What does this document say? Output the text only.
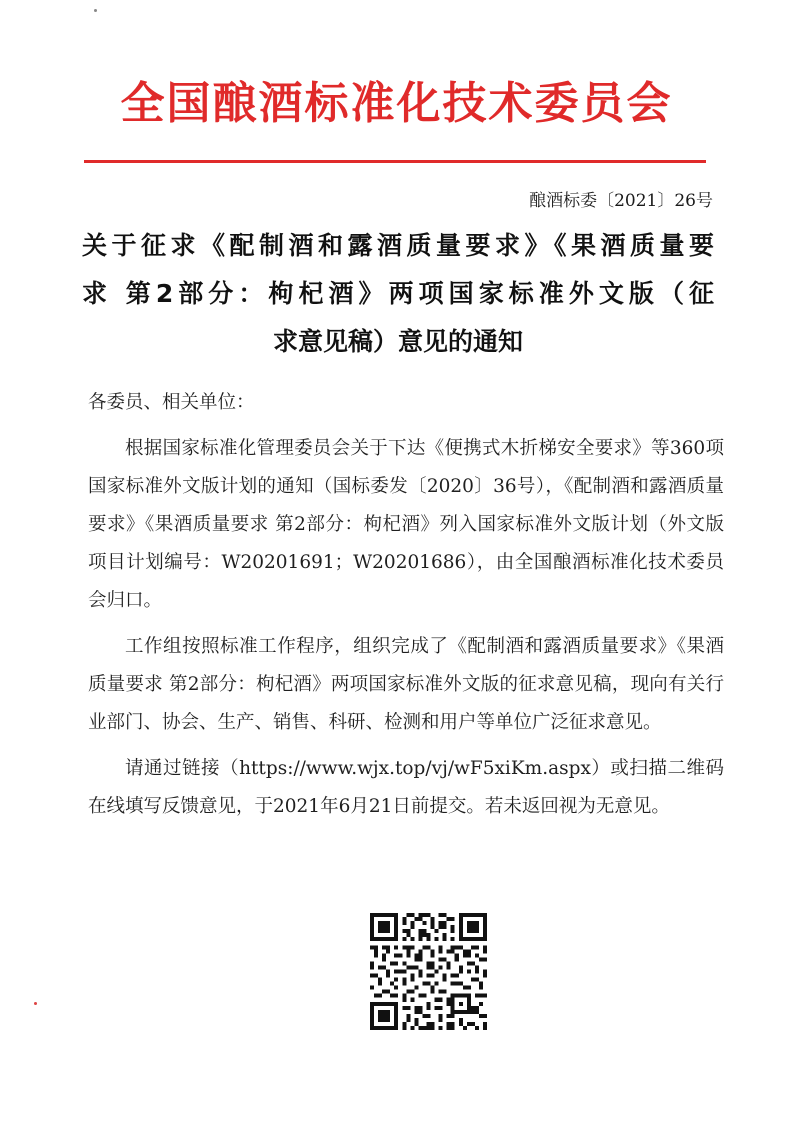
全国酿酒标准化技术委员会
酿酒标委〔2021〕26号
关于征求《配制酒和露酒质量要求》《果酒质量要
求 第2部分：枸杞酒》两项国家标准外文版（征
求意见稿）意见的通知

各委员、相关单位：

根据国家标准化管理委员会关于下达《便携式木折梯安全要求》等360项国家标准外文版计划的通知（国标委发〔2020〕36号），《配制酒和露酒质量要求》《果酒质量要求 第2部分：枸杞酒》列入国家标准外文版计划（外文版项目计划编号：W20201691；W20201686），由全国酿酒标准化技术委员会归口。

工作组按照标准工作程序，组织完成了《配制酒和露酒质量要求》《果酒质量要求 第2部分：枸杞酒》两项国家标准外文版的征求意见稿，现向有关行业部门、协会、生产、销售、科研、检测和用户等单位广泛征求意见。

请通过链接（https://www.wjx.top/vj/wF5xiKm.aspx）或扫描二维码在线填写反馈意见，于2021年6月21日前提交。若未返回视为无意见。
